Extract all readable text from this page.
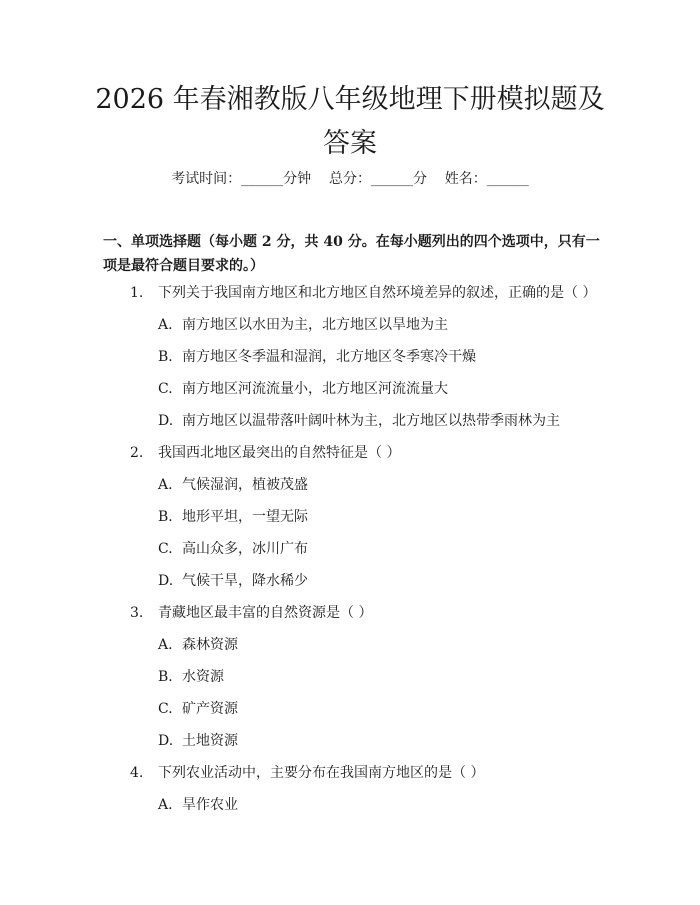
2026 年春湘教版八年级地理下册模拟题及答案
考试时间：______分钟    总分：______分    姓名：______
一、单项选择题（每小题 2 分，共 40 分。在每小题列出的四个选项中，只有一项是最符合题目要求的。）
1. 下列关于我国南方地区和北方地区自然环境差异的叙述，正确的是（ ）
A. 南方地区以水田为主，北方地区以旱地为主
B. 南方地区冬季温和湿润，北方地区冬季寒冷干燥
C. 南方地区河流流量小，北方地区河流流量大
D. 南方地区以温带落叶阔叶林为主，北方地区以热带季雨林为主
2. 我国西北地区最突出的自然特征是（ ）
A. 气候湿润，植被茂盛
B. 地形平坦，一望无际
C. 高山众多，冰川广布
D. 气候干旱，降水稀少
3. 青藏地区最丰富的自然资源是（ ）
A. 森林资源
B. 水资源
C. 矿产资源
D. 土地资源
4. 下列农业活动中，主要分布在我国南方地区的是（ ）
A. 旱作农业
